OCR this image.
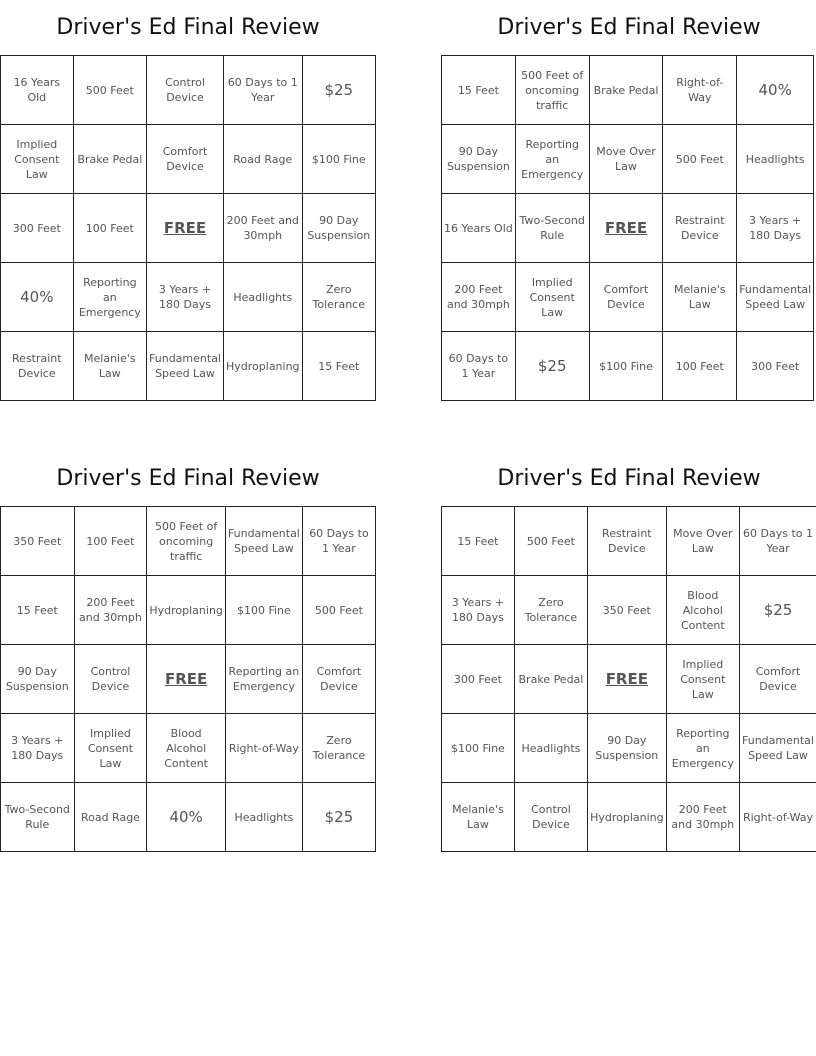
Driver's Ed Final Review
16 Years Old	500 Feet	Control Device	60 Days to 1 Year	$25
Implied Consent Law	Brake Pedal	Comfort Device	Road Rage	$100 Fine
300 Feet	100 Feet	FREE	200 Feet and 30mph	90 Day Suspension
40%	Reporting an Emergency	3 Years + 180 Days	Headlights	Zero Tolerance
Restraint Device	Melanie's Law	Fundamental Speed Law	Hydroplaning	15 Feet
Driver's Ed Final Review
15 Feet	500 Feet of oncoming traffic	Brake Pedal	Right-of-Way	40%
90 Day Suspension	Reporting an Emergency	Move Over Law	500 Feet	Headlights
16 Years Old	Two-Second Rule	FREE	Restraint Device	3 Years + 180 Days
200 Feet and 30mph	Implied Consent Law	Comfort Device	Melanie's Law	Fundamental Speed Law
60 Days to 1 Year	$25	$100 Fine	100 Feet	300 Feet
Driver's Ed Final Review
350 Feet	100 Feet	500 Feet of oncoming traffic	Fundamental Speed Law	60 Days to 1 Year
15 Feet	200 Feet and 30mph	Hydroplaning	$100 Fine	500 Feet
90 Day Suspension	Control Device	FREE	Reporting an Emergency	Comfort Device
3 Years + 180 Days	Implied Consent Law	Blood Alcohol Content	Right-of-Way	Zero Tolerance
Two-Second Rule	Road Rage	40%	Headlights	$25
Driver's Ed Final Review
15 Feet	500 Feet	Restraint Device	Move Over Law	60 Days to 1 Year
3 Years + 180 Days	Zero Tolerance	350 Feet	Blood Alcohol Content	$25
300 Feet	Brake Pedal	FREE	Implied Consent Law	Comfort Device
$100 Fine	Headlights	90 Day Suspension	Reporting an Emergency	Fundamental Speed Law
Melanie's Law	Control Device	Hydroplaning	200 Feet and 30mph	Right-of-Way
